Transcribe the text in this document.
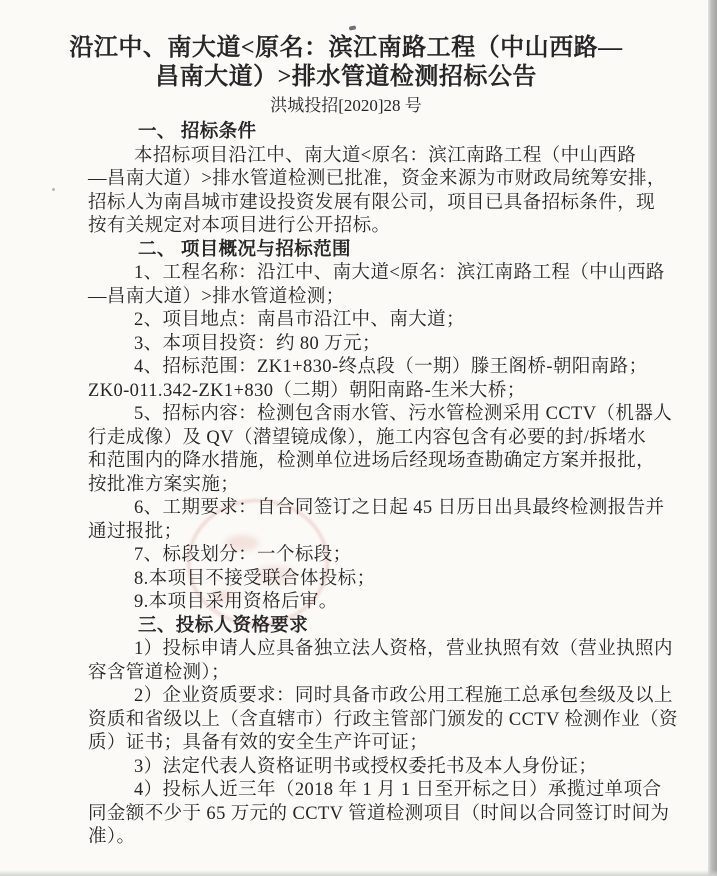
沿江中、南大道<原名：滨江南路工程（中山西路—
昌南大道）>排水管道检测招标公告
洪城投招[2020]28 号
一、 招标条件
本招标项目沿江中、南大道<原名：滨江南路工程（中山西路
—昌南大道）>排水管道检测已批准，资金来源为市财政局统筹安排，
招标人为南昌城市建设投资发展有限公司，项目已具备招标条件，现
按有关规定对本项目进行公开招标。
二、 项目概况与招标范围
1、工程名称：沿江中、南大道<原名：滨江南路工程（中山西路
—昌南大道）>排水管道检测；
2、项目地点：南昌市沿江中、南大道；
3、本项目投资：约 80 万元；
4、招标范围：ZK1+830-终点段（一期）滕王阁桥-朝阳南路；
ZK0-011.342-ZK1+830（二期）朝阳南路-生米大桥；
5、招标内容：检测包含雨水管、污水管检测采用 CCTV（机器人
行走成像）及 QV（潜望镜成像），施工内容包含有必要的封/拆堵水
和范围内的降水措施，检测单位进场后经现场查勘确定方案并报批，
按批准方案实施；
6、工期要求：自合同签订之日起 45 日历日出具最终检测报告并
通过报批；
7、标段划分：一个标段；
8.本项目不接受联合体投标；
9.本项目采用资格后审。
三、投标人资格要求
1）投标申请人应具备独立法人资格，营业执照有效（营业执照内
容含管道检测）；
2）企业资质要求：同时具备市政公用工程施工总承包叁级及以上
资质和省级以上（含直辖市）行政主管部门颁发的 CCTV 检测作业（资
质）证书；具备有效的安全生产许可证；
3）法定代表人资格证明书或授权委托书及本人身份证；
4）投标人近三年（2018 年 1 月 1 日至开标之日）承揽过单项合
同金额不少于 65 万元的 CCTV 管道检测项目（时间以合同签订时间为
准）。
